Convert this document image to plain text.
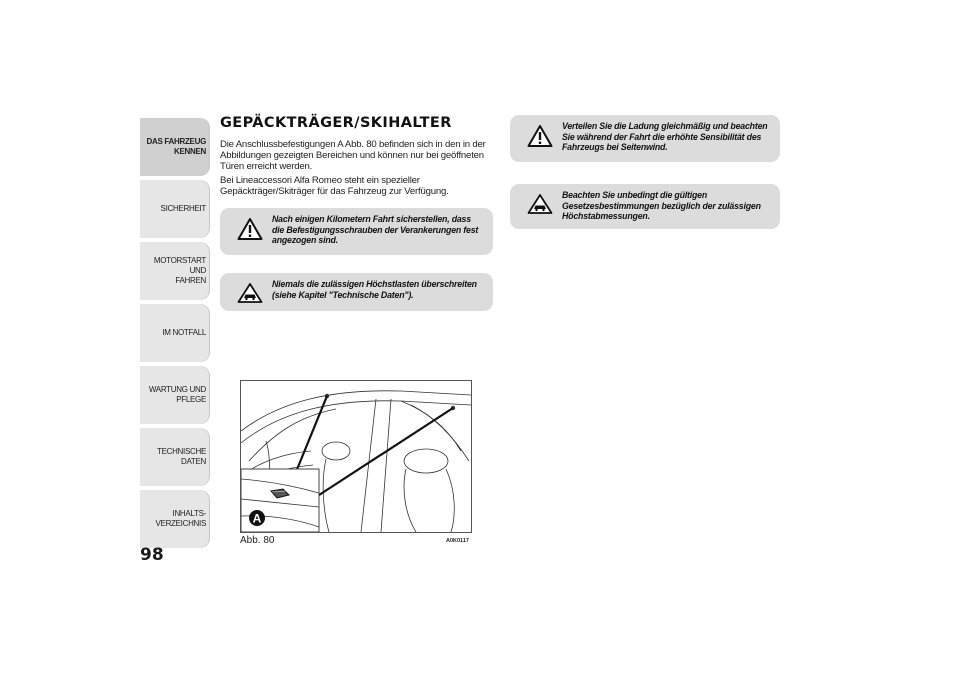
DAS FAHRZEUG
KENNEN
SICHERHEIT
MOTORSTART UND
FAHREN
IM NOTFALL
WARTUNG UND
PFLEGE
TECHNISCHE DATEN
INHALTS-
VERZEICHNIS
98
GEPÄCKTRÄGER/SKIHALTER

Die Anschlussbefestigungen A Abb. 80 befinden sich in den in der Abbildungen gezeigten Bereichen und können nur bei geöffneten Türen erreicht werden.

Bei Lineaccessori Alfa Romeo steht ein spezieller Gepäckträger/Skiträger für das Fahrzeug zur Verfügung.

Nach einigen Kilometern Fahrt sicherstellen, dass die Befestigungsschrauben der Verankerungen fest angezogen sind.
Niemals die zulässigen Höchstlasten überschreiten (siehe Kapitel "Technische Daten").
A
Abb. 80	A0K0117
Verteilen Sie die Ladung gleichmäßig und beachten Sie während der Fahrt die erhöhte Sensibilität des Fahrzeugs bei Seitenwind.
Beachten Sie unbedingt die gültigen Gesetzesbestimmungen bezüglich der zulässigen Höchstabmessungen.
